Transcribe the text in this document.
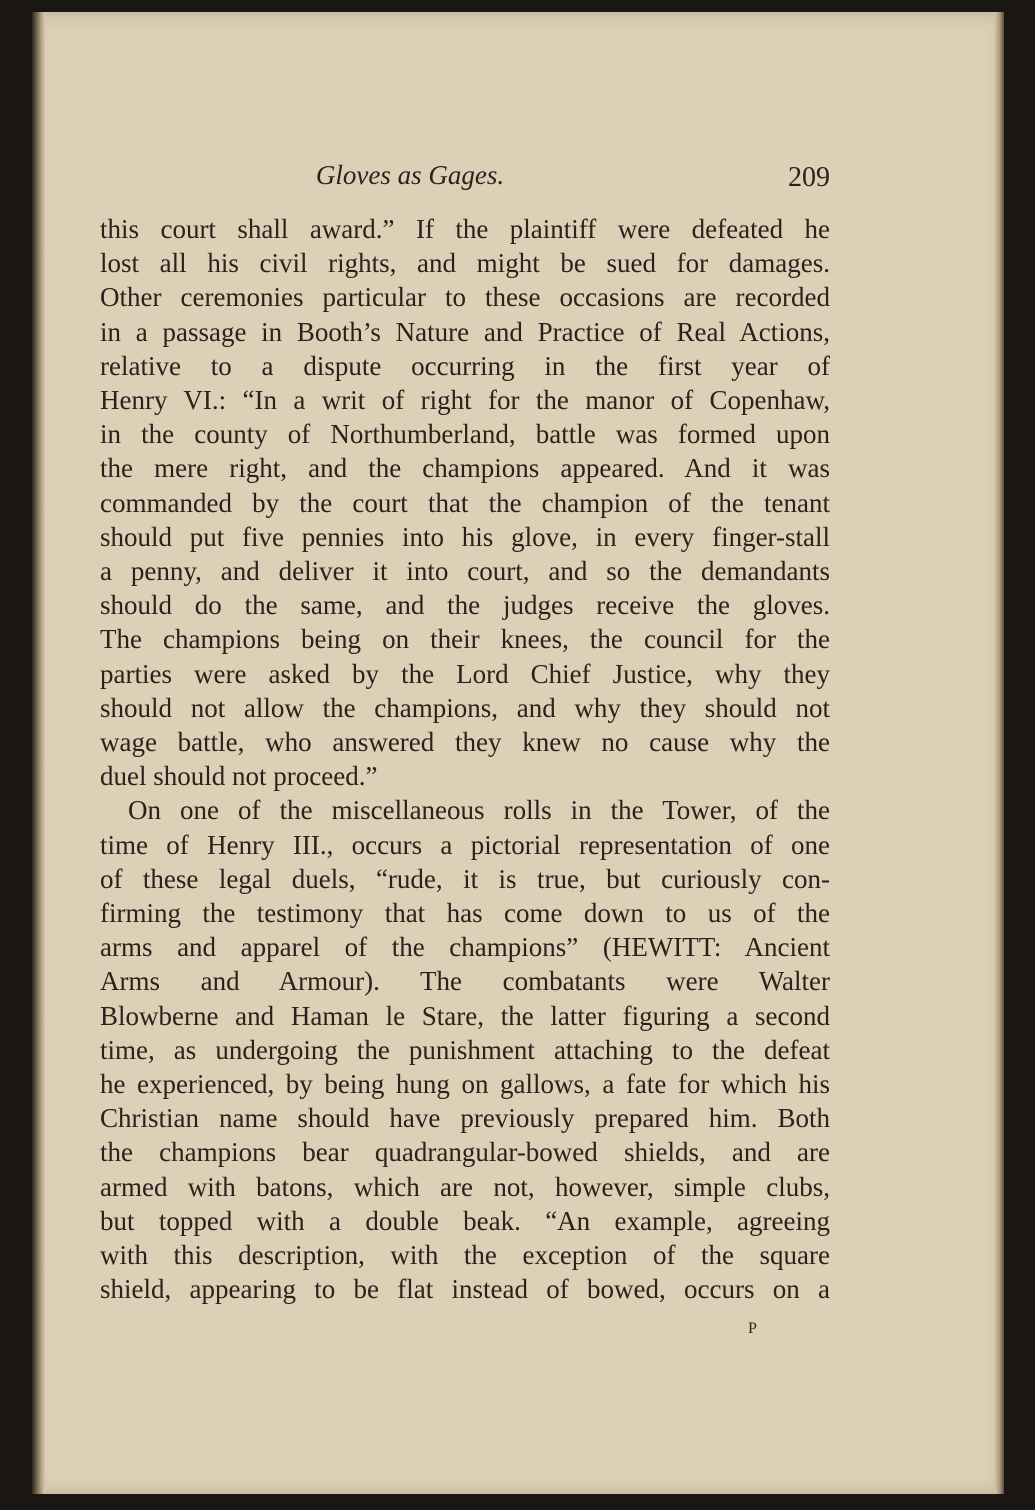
Gloves as Gages.	209
this court shall award.” If the plaintiff were defeated he
lost all his civil rights, and might be sued for damages.
Other ceremonies particular to these occasions are recorded
in a passage in Booth’s Nature and Practice of Real Actions,
relative to a dispute occurring in the first year of
Henry VI.: “In a writ of right for the manor of Copenhaw,
in the county of Northumberland, battle was formed upon
the mere right, and the champions appeared. And it was
commanded by the court that the champion of the tenant
should put five pennies into his glove, in every finger-stall
a penny, and deliver it into court, and so the demandants
should do the same, and the judges receive the gloves.
The champions being on their knees, the council for the
parties were asked by the Lord Chief Justice, why they
should not allow the champions, and why they should not
wage battle, who answered they knew no cause why the
duel should not proceed.”
On one of the miscellaneous rolls in the Tower, of the
time of Henry III., occurs a pictorial representation of one
of these legal duels, “rude, it is true, but curiously con-
firming the testimony that has come down to us of the
arms and apparel of the champions” (HEWITT: Ancient
Arms and Armour). The combatants were Walter
Blowberne and Haman le Stare, the latter figuring a second
time, as undergoing the punishment attaching to the defeat
he experienced, by being hung on gallows, a fate for which his
Christian name should have previously prepared him. Both
the champions bear quadrangular-bowed shields, and are
armed with batons, which are not, however, simple clubs,
but topped with a double beak. “An example, agreeing
with this description, with the exception of the square
shield, appearing to be flat instead of bowed, occurs on a
P
